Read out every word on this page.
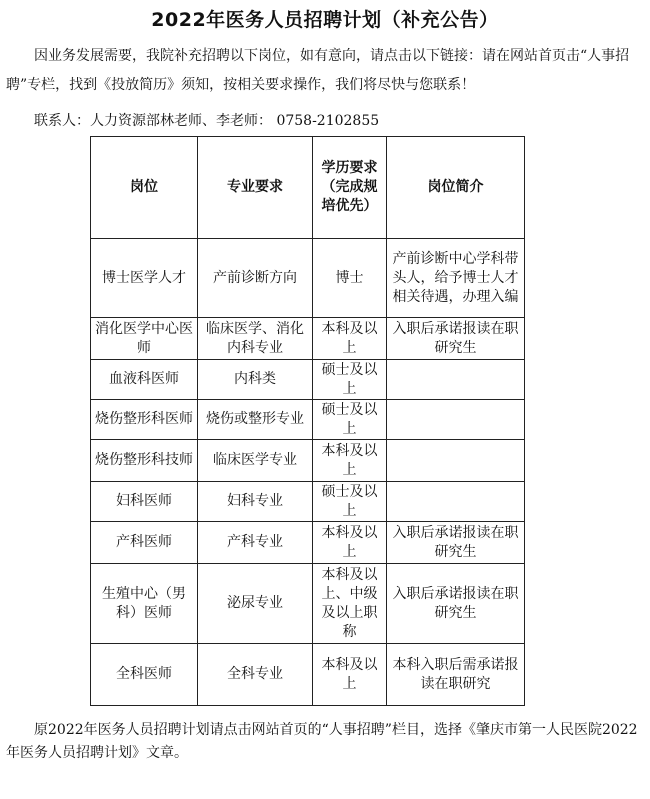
2022年医务人员招聘计划（补充公告）

因业务发展需要，我院补充招聘以下岗位，如有意向，请点击以下链接：请在网站首页击“人事招聘”专栏，找到《投放简历》须知，按相关要求操作，我们将尽快与您联系！

联系人：人力资源部林老师、李老师： 0758-2102855

岗位	专业要求	学历要求（完成规培优先）	岗位简介
博士医学人才	产前诊断方向	博士	产前诊断中心学科带头人，给予博士人才相关待遇，办理入编
消化医学中心医师	临床医学、消化内科专业	本科及以上	入职后承诺报读在职研究生
血液科医师	内科类	硕士及以上	
烧伤整形科医师	烧伤或整形专业	硕士及以上	
烧伤整形科技师	临床医学专业	本科及以上	
妇科医师	妇科专业	硕士及以上	
产科医师	产科专业	本科及以上	入职后承诺报读在职研究生
生殖中心（男科）医师	泌尿专业	本科及以上、中级及以上职称	入职后承诺报读在职研究生
全科医师	全科专业	本科及以上	本科入职后需承诺报读在职研究

原2022年医务人员招聘计划请点击网站首页的“人事招聘”栏目，选择《肇庆市第一人民医院2022年医务人员招聘计划》文章。
